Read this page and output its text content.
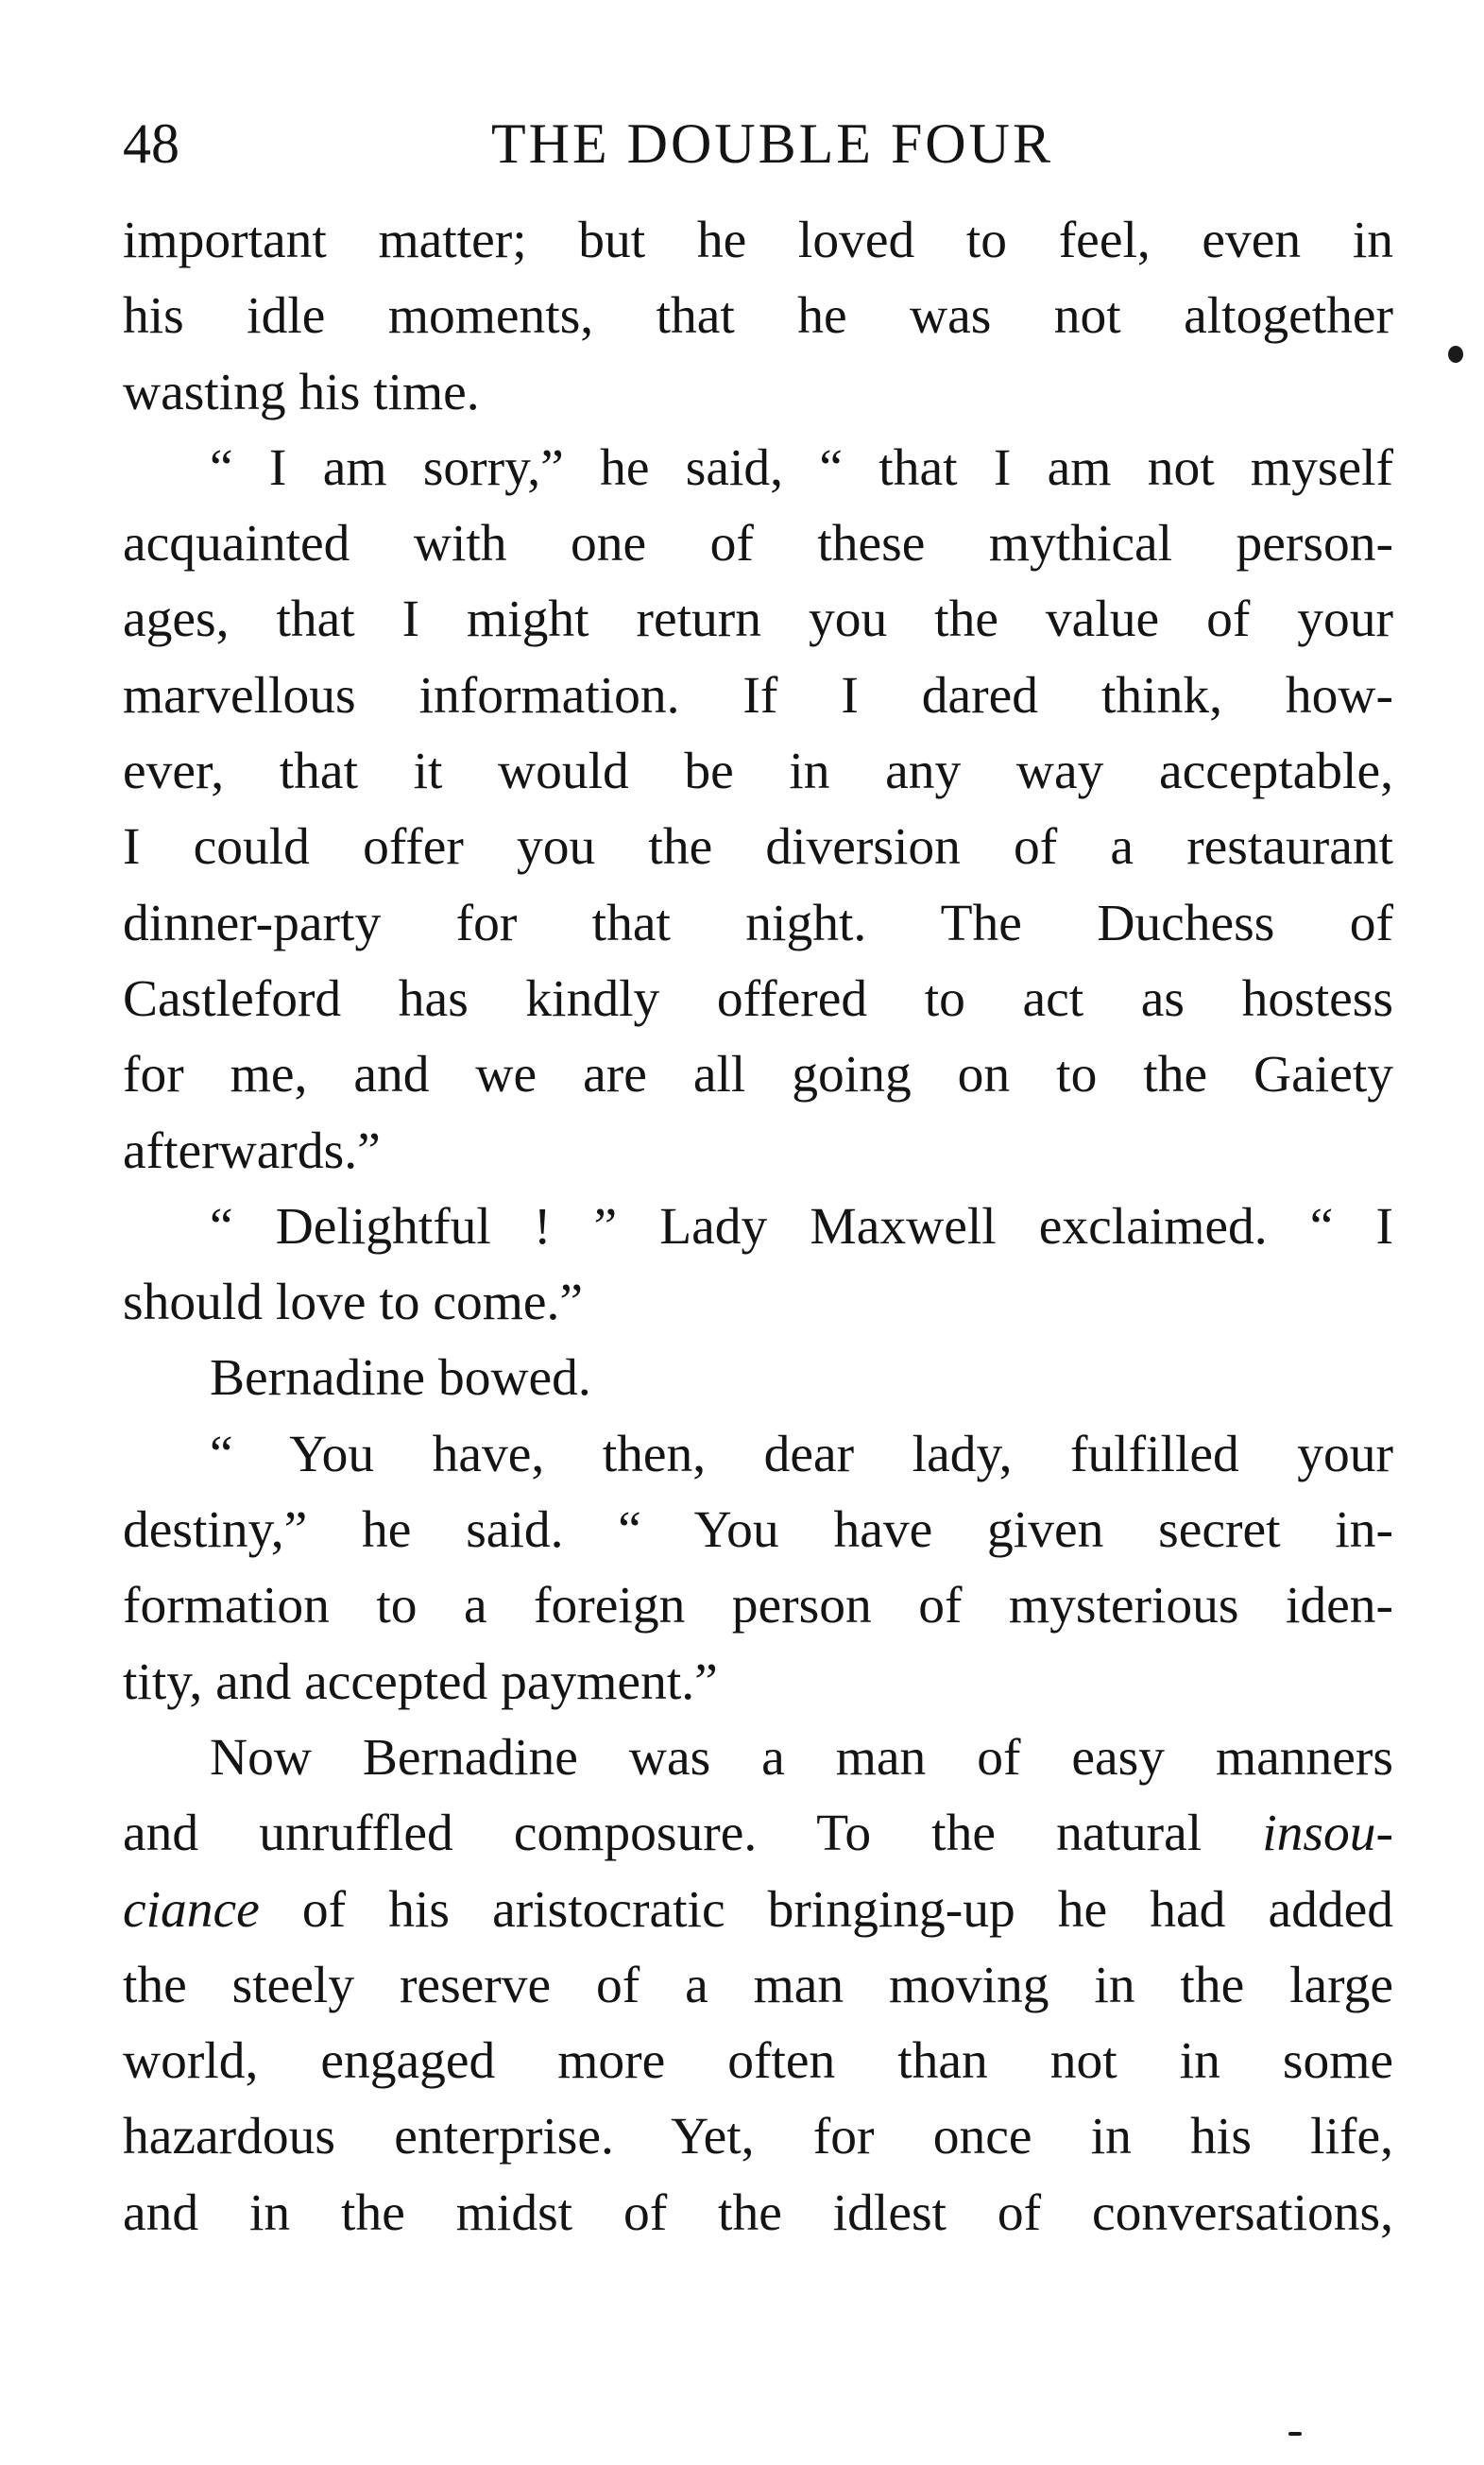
48	THE DOUBLE FOUR
important matter; but he loved to feel, even in
his idle moments, that he was not altogether
wasting his time.
“ I am sorry,” he said, “ that I am not myself
acquainted with one of these mythical person-
ages, that I might return you the value of your
marvellous information. If I dared think, how-
ever, that it would be in any way acceptable,
I could offer you the diversion of a restaurant
dinner-party for that night. The Duchess of
Castleford has kindly offered to act as hostess
for me, and we are all going on to the Gaiety
afterwards.”
“ Delightful ! ” Lady Maxwell exclaimed. “ I
should love to come.”
Bernadine bowed.
“ You have, then, dear lady, fulfilled your
destiny,” he said. “ You have given secret in-
formation to a foreign person of mysterious iden-
tity, and accepted payment.”
Now Bernadine was a man of easy manners
and unruffled composure. To the natural insou-
ciance of his aristocratic bringing-up he had added
the steely reserve of a man moving in the large
world, engaged more often than not in some
hazardous enterprise. Yet, for once in his life,
and in the midst of the idlest of conversations,
